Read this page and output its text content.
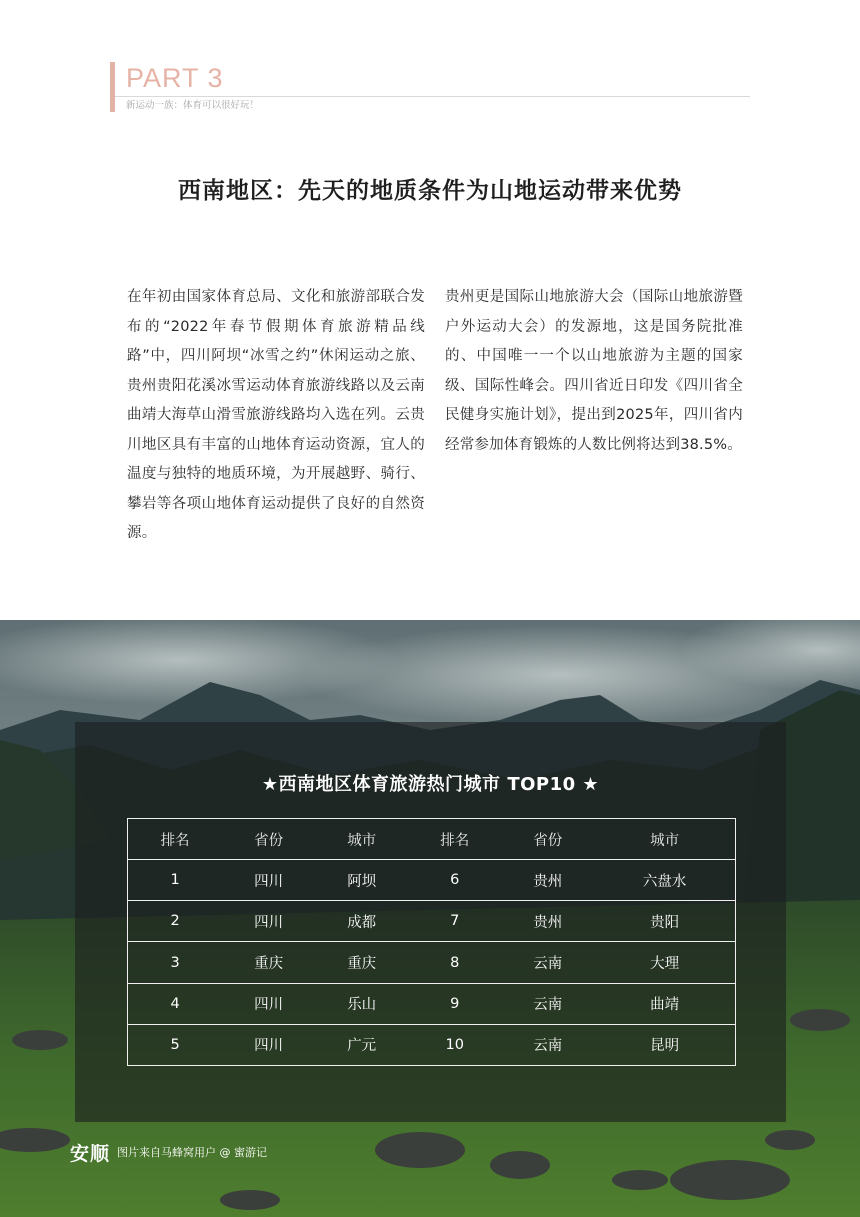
PART 3
新运动一族：体育可以很好玩！
西南地区：先天的地质条件为山地运动带来优势
在年初由国家体育总局、文化和旅游部联合发布的“2022年春节假期体育旅游精品线路”中，四川阿坝“冰雪之约”休闲运动之旅、贵州贵阳花溪冰雪运动体育旅游线路以及云南曲靖大海草山滑雪旅游线路均入选在列。云贵川地区具有丰富的山地体育运动资源，宜人的温度与独特的地质环境，为开展越野、骑行、攀岩等各项山地体育运动提供了良好的自然资源。
贵州更是国际山地旅游大会（国际山地旅游暨户外运动大会）的发源地，这是国务院批准的、中国唯一一个以山地旅游为主题的国家级、国际性峰会。四川省近日印发《四川省全民健身实施计划》，提出到2025年，四川省内经常参加体育锻炼的人数比例将达到38.5%。
★西南地区体育旅游热门城市 TOP10 ★
排名	省份	城市	排名	省份	城市
1	四川	阿坝	6	贵州	六盘水
2	四川	成都	7	贵州	贵阳
3	重庆	重庆	8	云南	大理
4	四川	乐山	9	云南	曲靖
5	四川	广元	10	云南	昆明
安顺 图片来自马蜂窝用户 @ 蜜游记
